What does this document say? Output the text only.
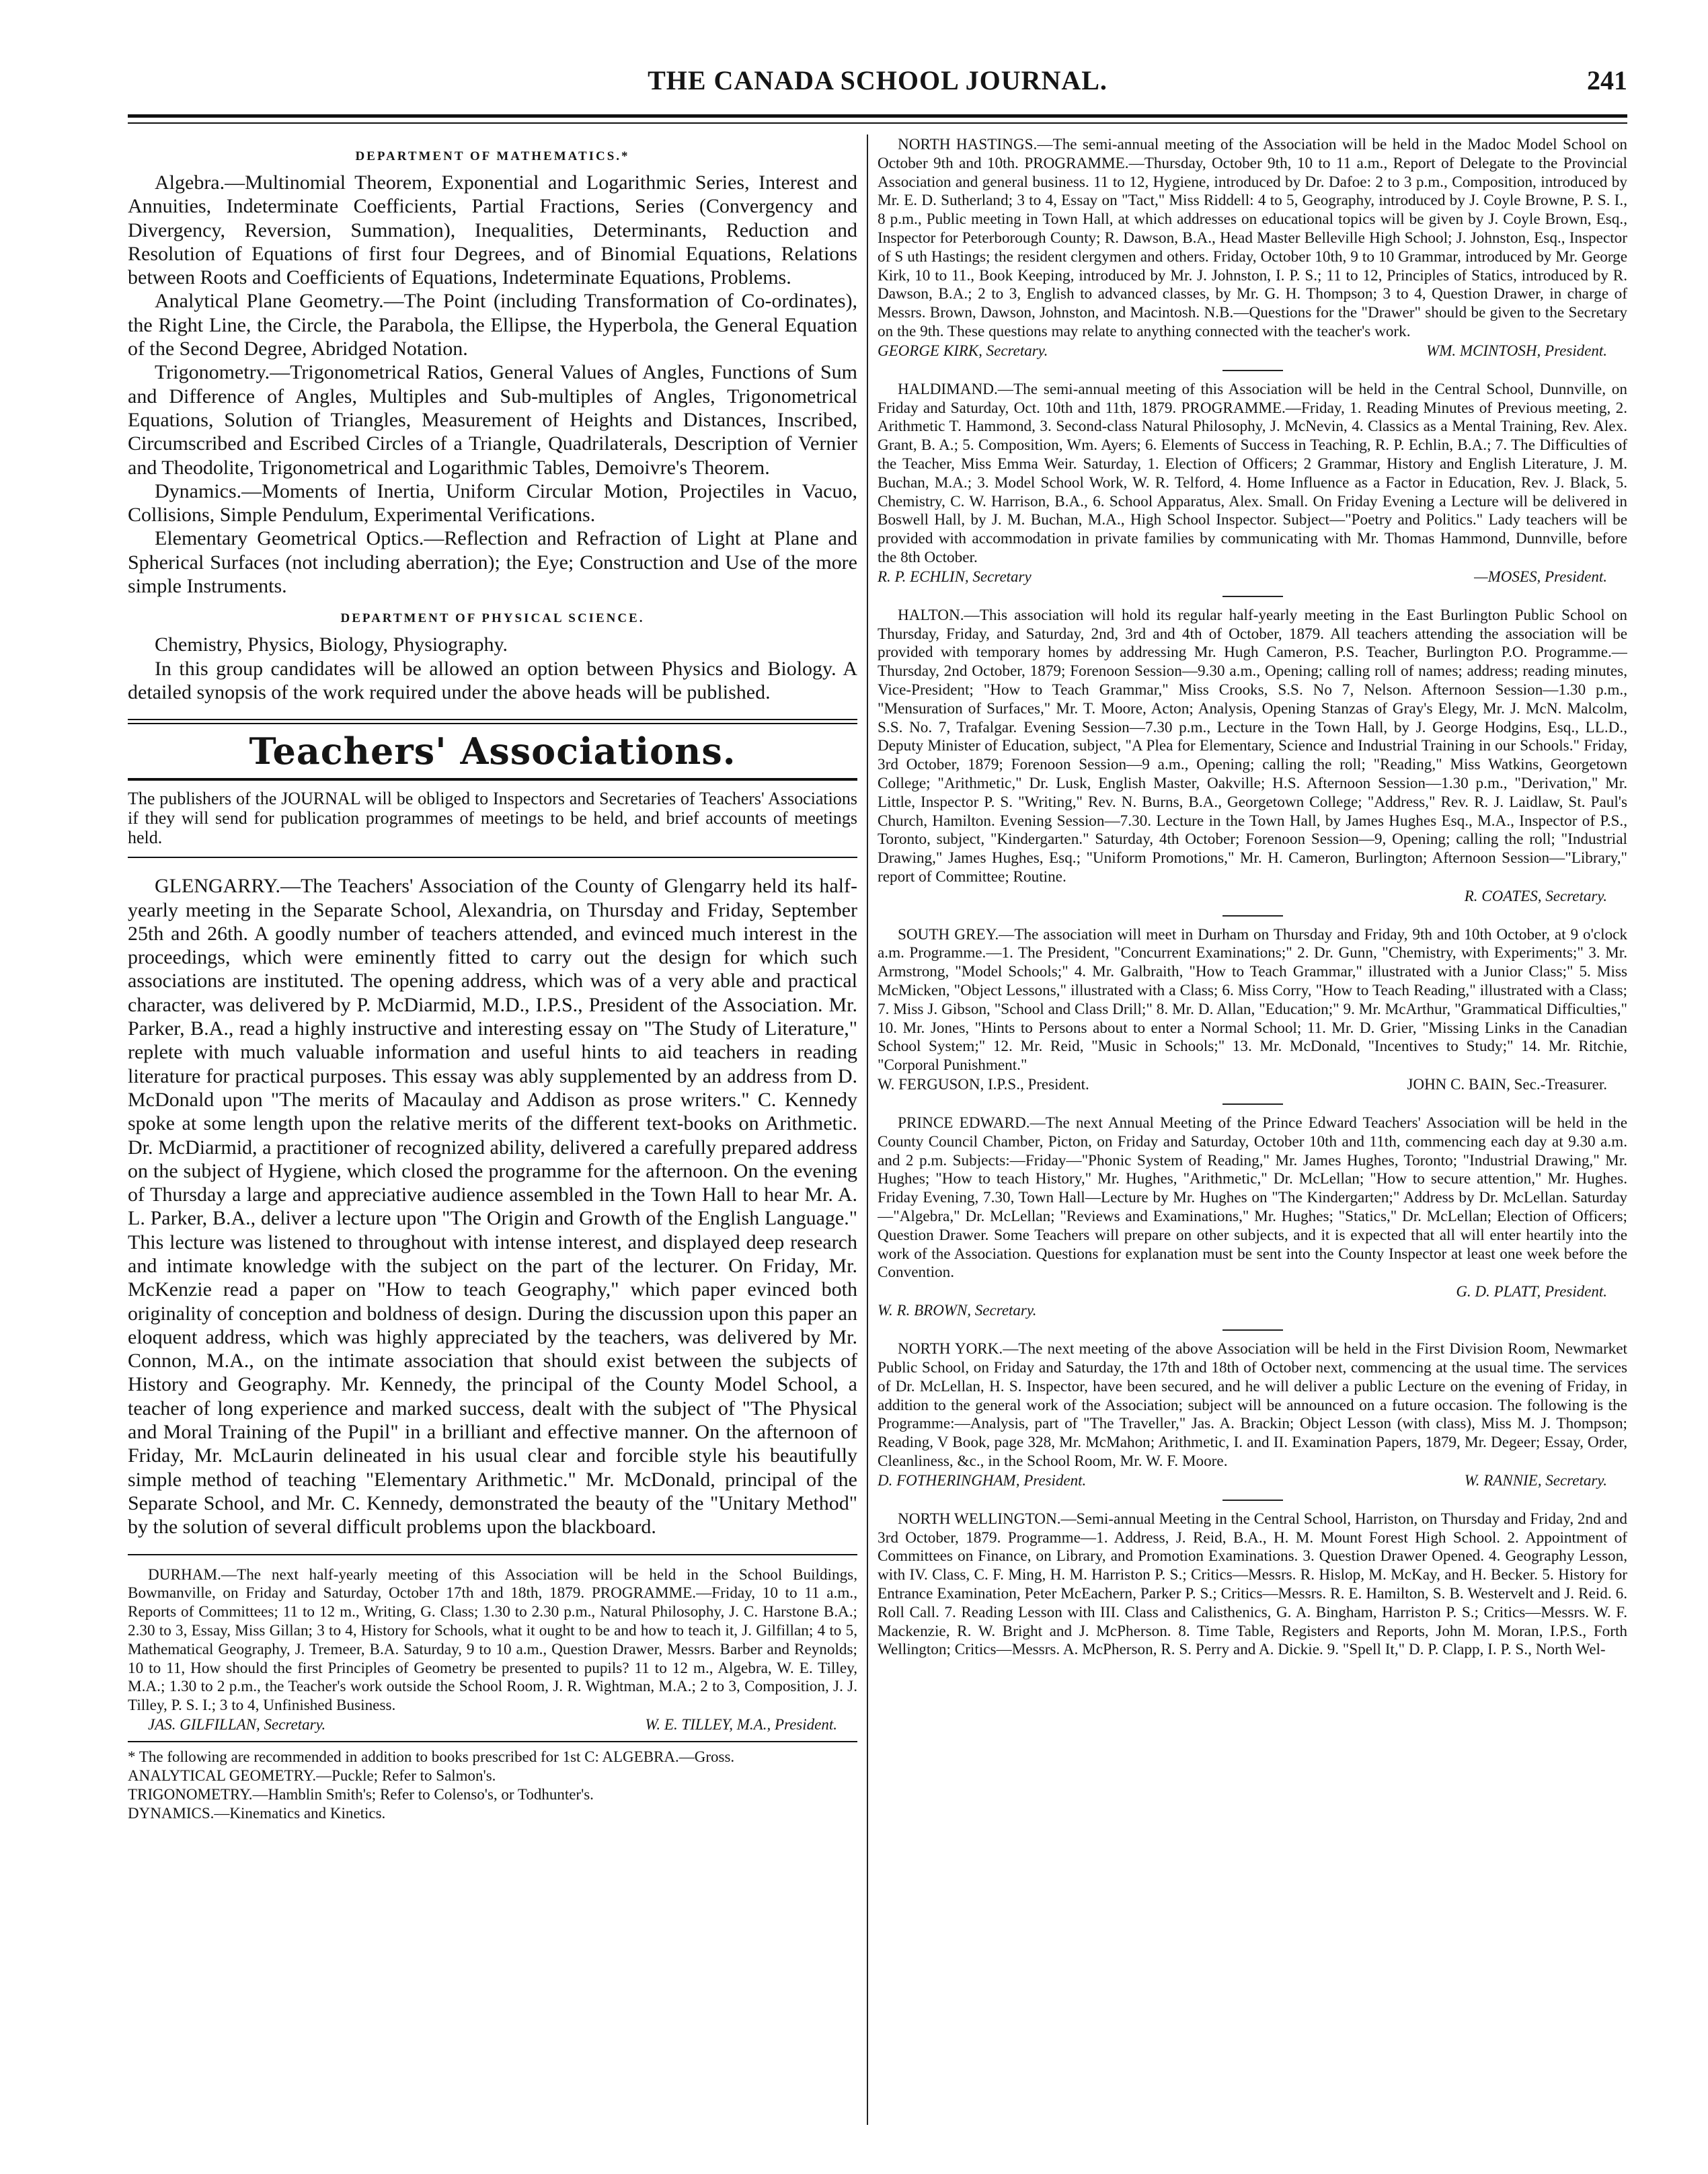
THE CANADA SCHOOL JOURNAL.	241
DEPARTMENT OF MATHEMATICS.*

Algebra.—Multinomial Theorem, Exponential and Logarithmic Series, Interest and Annuities, Indeterminate Coefficients, Partial Fractions, Series (Convergency and Divergency, Reversion, Summation), Inequalities, Determinants, Reduction and Resolution of Equations of first four Degrees, and of Binomial Equations, Relations between Roots and Coefficients of Equations, Indeterminate Equations, Problems.

Analytical Plane Geometry.—The Point (including Transformation of Co-ordinates), the Right Line, the Circle, the Parabola, the Ellipse, the Hyperbola, the General Equation of the Second Degree, Abridged Notation.

Trigonometry.—Trigonometrical Ratios, General Values of Angles, Functions of Sum and Difference of Angles, Multiples and Sub-multiples of Angles, Trigonometrical Equations, Solution of Triangles, Measurement of Heights and Distances, Inscribed, Circumscribed and Escribed Circles of a Triangle, Quadrilaterals, Description of Vernier and Theodolite, Trigonometrical and Logarithmic Tables, Demoivre's Theorem.

Dynamics.—Moments of Inertia, Uniform Circular Motion, Projectiles in Vacuo, Collisions, Simple Pendulum, Experimental Verifications.

Elementary Geometrical Optics.—Reflection and Refraction of Light at Plane and Spherical Surfaces (not including aberration); the Eye; Construction and Use of the more simple Instruments.

DEPARTMENT OF PHYSICAL SCIENCE.

Chemistry, Physics, Biology, Physiography.

In this group candidates will be allowed an option between Physics and Biology. A detailed synopsis of the work required under the above heads will be published.

Teachers' Associations.

The publishers of the JOURNAL will be obliged to Inspectors and Secretaries of Teachers' Associations if they will send for publication programmes of meetings to be held, and brief accounts of meetings held.

GLENGARRY.—The Teachers' Association of the County of Glengarry held its half-yearly meeting in the Separate School, Alexandria, on Thursday and Friday, September 25th and 26th. A goodly number of teachers attended, and evinced much interest in the proceedings, which were eminently fitted to carry out the design for which such associations are instituted. The opening address, which was of a very able and practical character, was delivered by P. McDiarmid, M.D., I.P.S., President of the Association. Mr. Parker, B.A., read a highly instructive and interesting essay on "The Study of Literature," replete with much valuable information and useful hints to aid teachers in reading literature for practical purposes. This essay was ably supplemented by an address from D. McDonald upon "The merits of Macaulay and Addison as prose writers." C. Kennedy spoke at some length upon the relative merits of the different text-books on Arithmetic. Dr. McDiarmid, a practitioner of recognized ability, delivered a carefully prepared address on the subject of Hygiene, which closed the programme for the afternoon. On the evening of Thursday a large and appreciative audience assembled in the Town Hall to hear Mr. A. L. Parker, B.A., deliver a lecture upon "The Origin and Growth of the English Language." This lecture was listened to throughout with intense interest, and displayed deep research and intimate knowledge with the subject on the part of the lecturer. On Friday, Mr. McKenzie read a paper on "How to teach Geography," which paper evinced both originality of conception and boldness of design. During the discussion upon this paper an eloquent address, which was highly appreciated by the teachers, was delivered by Mr. Connon, M.A., on the intimate association that should exist between the subjects of History and Geography. Mr. Kennedy, the principal of the County Model School, a teacher of long experience and marked success, dealt with the subject of "The Physical and Moral Training of the Pupil" in a brilliant and effective manner. On the afternoon of Friday, Mr. McLaurin delineated in his usual clear and forcible style his beautifully simple method of teaching "Elementary Arithmetic." Mr. McDonald, principal of the Separate School, and Mr. C. Kennedy, demonstrated the beauty of the "Unitary Method" by the solution of several difficult problems upon the blackboard.

DURHAM.—The next half-yearly meeting of this Association will be held in the School Buildings, Bowmanville, on Friday and Saturday, October 17th and 18th, 1879. PROGRAMME.—Friday, 10 to 11 a.m., Reports of Committees; 11 to 12 m., Writing, G. Class; 1.30 to 2.30 p.m., Natural Philosophy, J. C. Harstone B.A.; 2.30 to 3, Essay, Miss Gillan; 3 to 4, History for Schools, what it ought to be and how to teach it, J. Gilfillan; 4 to 5, Mathematical Geography, J. Tremeer, B.A. Saturday, 9 to 10 a.m., Question Drawer, Messrs. Barber and Reynolds; 10 to 11, How should the first Principles of Geometry be presented to pupils? 11 to 12 m., Algebra, W. E. Tilley, M.A.; 1.30 to 2 p.m., the Teacher's work outside the School Room, J. R. Wightman, M.A.; 2 to 3, Composition, J. J. Tilley, P. S. I.; 3 to 4, Unfinished Business.

JAS. GILFILLAN, Secretary.	W. E. TILLEY, M.A., President.

* The following are recommended in addition to books prescribed for 1st C: ALGEBRA.—Gross.

ANALYTICAL GEOMETRY.—Puckle; Refer to Salmon's.

TRIGONOMETRY.—Hamblin Smith's; Refer to Colenso's, or Todhunter's.

DYNAMICS.—Kinematics and Kinetics.

NORTH HASTINGS.—The semi-annual meeting of the Association will be held in the Madoc Model School on October 9th and 10th. PROGRAMME.—Thursday, October 9th, 10 to 11 a.m., Report of Delegate to the Provincial Association and general business. 11 to 12, Hygiene, introduced by Dr. Dafoe: 2 to 3 p.m., Composition, introduced by Mr. E. D. Sutherland; 3 to 4, Essay on "Tact," Miss Riddell: 4 to 5, Geography, introduced by J. Coyle Browne, P. S. I., 8 p.m., Public meeting in Town Hall, at which addresses on educational topics will be given by J. Coyle Brown, Esq., Inspector for Peterborough County; R. Dawson, B.A., Head Master Belleville High School; J. Johnston, Esq., Inspector of S uth Hastings; the resident clergymen and others. Friday, October 10th, 9 to 10 Grammar, introduced by Mr. George Kirk, 10 to 11., Book Keeping, introduced by Mr. J. Johnston, I. P. S.; 11 to 12, Principles of Statics, introduced by R. Dawson, B.A.; 2 to 3, English to advanced classes, by Mr. G. H. Thompson; 3 to 4, Question Drawer, in charge of Messrs. Brown, Dawson, Johnston, and Macintosh. N.B.—Questions for the "Drawer" should be given to the Secretary on the 9th. These questions may relate to anything connected with the teacher's work.

GEORGE KIRK, Secretary.	WM. MCINTOSH, President.

HALDIMAND.—The semi-annual meeting of this Association will be held in the Central School, Dunnville, on Friday and Saturday, Oct. 10th and 11th, 1879. PROGRAMME.—Friday, 1. Reading Minutes of Previous meeting, 2. Arithmetic T. Hammond, 3. Second-class Natural Philosophy, J. McNevin, 4. Classics as a Mental Training, Rev. Alex. Grant, B. A.; 5. Composition, Wm. Ayers; 6. Elements of Success in Teaching, R. P. Echlin, B.A.; 7. The Difficulties of the Teacher, Miss Emma Weir. Saturday, 1. Election of Officers; 2 Grammar, History and English Literature, J. M. Buchan, M.A.; 3. Model School Work, W. R. Telford, 4. Home Influence as a Factor in Education, Rev. J. Black, 5. Chemistry, C. W. Harrison, B.A., 6. School Apparatus, Alex. Small. On Friday Evening a Lecture will be delivered in Boswell Hall, by J. M. Buchan, M.A., High School Inspector. Subject—"Poetry and Politics." Lady teachers will be provided with accommodation in private families by communicating with Mr. Thomas Hammond, Dunnville, before the 8th October.

R. P. ECHLIN, Secretary	—MOSES, President.

HALTON.—This association will hold its regular half-yearly meeting in the East Burlington Public School on Thursday, Friday, and Saturday, 2nd, 3rd and 4th of October, 1879. All teachers attending the association will be provided with temporary homes by addressing Mr. Hugh Cameron, P.S. Teacher, Burlington P.O. Programme.—Thursday, 2nd October, 1879; Forenoon Session—9.30 a.m., Opening; calling roll of names; address; reading minutes, Vice-President; "How to Teach Grammar," Miss Crooks, S.S. No 7, Nelson. Afternoon Session—1.30 p.m., "Mensuration of Surfaces," Mr. T. Moore, Acton; Analysis, Opening Stanzas of Gray's Elegy, Mr. J. McN. Malcolm, S.S. No. 7, Trafalgar. Evening Session—7.30 p.m., Lecture in the Town Hall, by J. George Hodgins, Esq., LL.D., Deputy Minister of Education, subject, "A Plea for Elementary, Science and Industrial Training in our Schools." Friday, 3rd October, 1879; Forenoon Session—9 a.m., Opening; calling the roll; "Reading," Miss Watkins, Georgetown College; "Arithmetic," Dr. Lusk, English Master, Oakville; H.S. Afternoon Session—1.30 p.m., "Derivation," Mr. Little, Inspector P. S. "Writing," Rev. N. Burns, B.A., Georgetown College; "Address," Rev. R. J. Laidlaw, St. Paul's Church, Hamilton. Evening Session—7.30. Lecture in the Town Hall, by James Hughes Esq., M.A., Inspector of P.S., Toronto, subject, "Kindergarten." Saturday, 4th October; Forenoon Session—9, Opening; calling the roll; "Industrial Drawing," James Hughes, Esq.; "Uniform Promotions," Mr. H. Cameron, Burlington; Afternoon Session—"Library," report of Committee; Routine.

R. COATES, Secretary.

SOUTH GREY.—The association will meet in Durham on Thursday and Friday, 9th and 10th October, at 9 o'clock a.m. Programme.—1. The President, "Concurrent Examinations;" 2. Dr. Gunn, "Chemistry, with Experiments;" 3. Mr. Armstrong, "Model Schools;" 4. Mr. Galbraith, "How to Teach Grammar," illustrated with a Junior Class;" 5. Miss McMicken, "Object Lessons," illustrated with a Class; 6. Miss Corry, "How to Teach Reading," illustrated with a Class; 7. Miss J. Gibson, "School and Class Drill;" 8. Mr. D. Allan, "Education;" 9. Mr. McArthur, "Grammatical Difficulties," 10. Mr. Jones, "Hints to Persons about to enter a Normal School; 11. Mr. D. Grier, "Missing Links in the Canadian School System;" 12. Mr. Reid, "Music in Schools;" 13. Mr. McDonald, "Incentives to Study;" 14. Mr. Ritchie, "Corporal Punishment."

W. FERGUSON, I.P.S., President.	JOHN C. BAIN, Sec.-Treasurer.

PRINCE EDWARD.—The next Annual Meeting of the Prince Edward Teachers' Association will be held in the County Council Chamber, Picton, on Friday and Saturday, October 10th and 11th, commencing each day at 9.30 a.m. and 2 p.m. Subjects:—Friday—"Phonic System of Reading," Mr. James Hughes, Toronto; "Industrial Drawing," Mr. Hughes; "How to teach History," Mr. Hughes, "Arithmetic," Dr. McLellan; "How to secure attention," Mr. Hughes. Friday Evening, 7.30, Town Hall—Lecture by Mr. Hughes on "The Kindergarten;" Address by Dr. McLellan. Saturday—"Algebra," Dr. McLellan; "Reviews and Examinations," Mr. Hughes; "Statics," Dr. McLellan; Election of Officers; Question Drawer. Some Teachers will prepare on other subjects, and it is expected that all will enter heartily into the work of the Association. Questions for explanation must be sent into the County Inspector at least one week before the Convention.

G. D. PLATT, President.
W. R. BROWN, Secretary.

NORTH YORK.—The next meeting of the above Association will be held in the First Division Room, Newmarket Public School, on Friday and Saturday, the 17th and 18th of October next, commencing at the usual time. The services of Dr. McLellan, H. S. Inspector, have been secured, and he will deliver a public Lecture on the evening of Friday, in addition to the general work of the Association; subject will be announced on a future occasion. The following is the Programme:—Analysis, part of "The Traveller," Jas. A. Brackin; Object Lesson (with class), Miss M. J. Thompson; Reading, V Book, page 328, Mr. McMahon; Arithmetic, I. and II. Examination Papers, 1879, Mr. Degeer; Essay, Order, Cleanliness, &c., in the School Room, Mr. W. F. Moore.

D. FOTHERINGHAM, President.	W. RANNIE, Secretary.

NORTH WELLINGTON.—Semi-annual Meeting in the Central School, Harriston, on Thursday and Friday, 2nd and 3rd October, 1879. Programme—1. Address, J. Reid, B.A., H. M. Mount Forest High School. 2. Appointment of Committees on Finance, on Library, and Promotion Examinations. 3. Question Drawer Opened. 4. Geography Lesson, with IV. Class, C. F. Ming, H. M. Harriston P. S.; Critics—Messrs. R. Hislop, M. McKay, and H. Becker. 5. History for Entrance Examination, Peter McEachern, Parker P. S.; Critics—Messrs. R. E. Hamilton, S. B. Westervelt and J. Reid. 6. Roll Call. 7. Reading Lesson with III. Class and Calisthenics, G. A. Bingham, Harriston P. S.; Critics—Messrs. W. F. Mackenzie, R. W. Bright and J. McPherson. 8. Time Table, Registers and Reports, John M. Moran, I.P.S., Forth Wellington; Critics—Messrs. A. McPherson, R. S. Perry and A. Dickie. 9. "Spell It," D. P. Clapp, I. P. S., North Wel-
